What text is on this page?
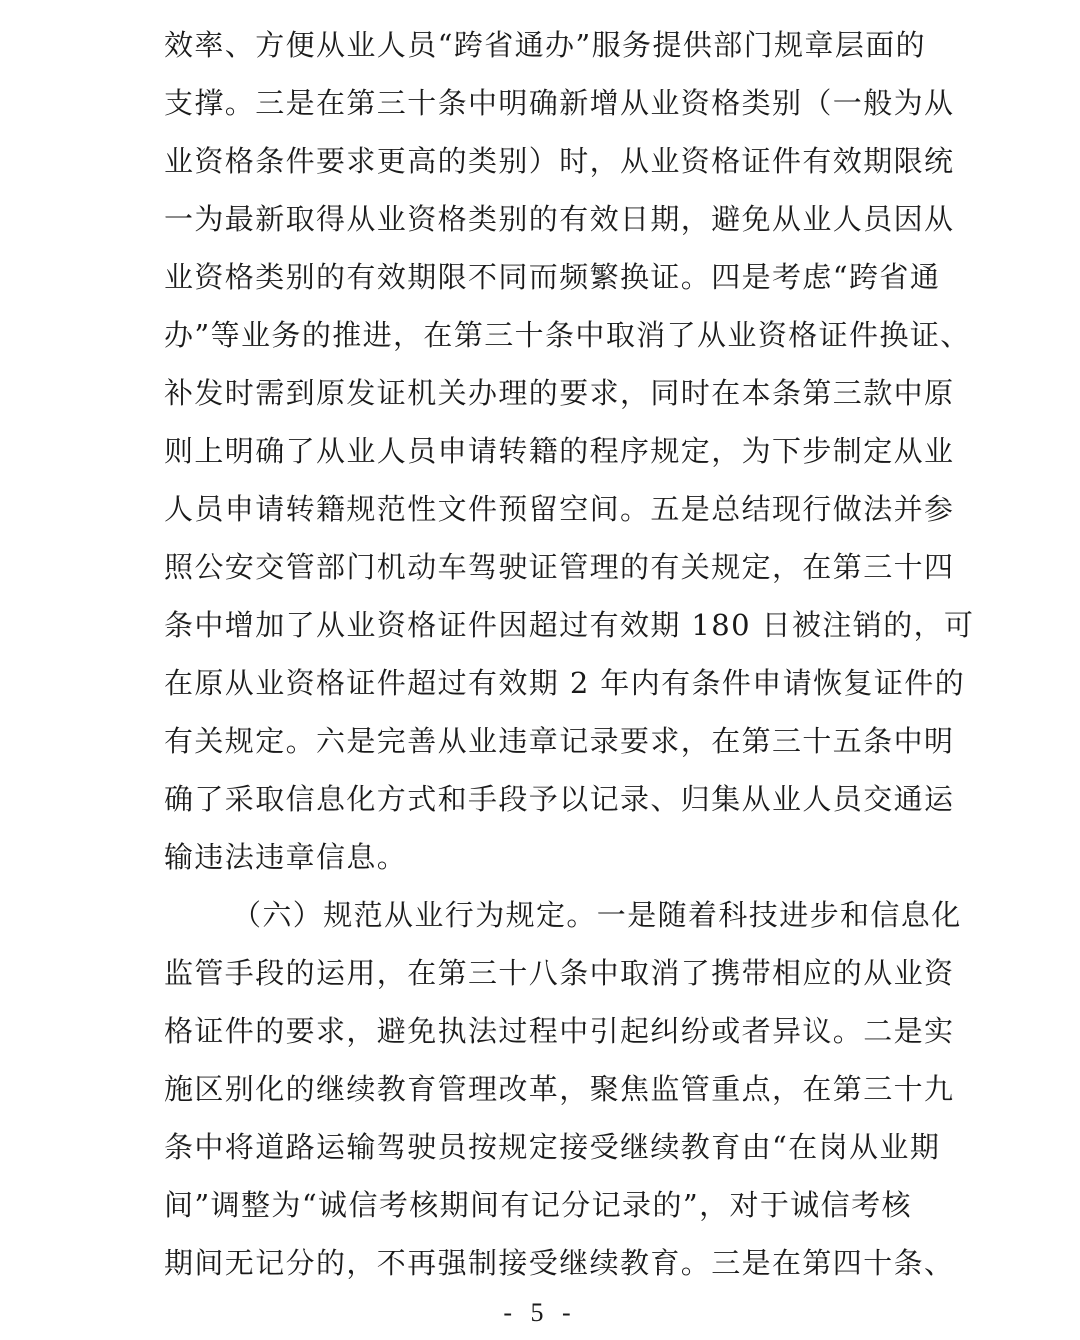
效率、方便从业人员“跨省通办”服务提供部门规章层面的
支撑。三是在第三十条中明确新增从业资格类别（一般为从
业资格条件要求更高的类别）时，从业资格证件有效期限统
一为最新取得从业资格类别的有效日期，避免从业人员因从
业资格类别的有效期限不同而频繁换证。四是考虑“跨省通
办”等业务的推进，在第三十条中取消了从业资格证件换证、
补发时需到原发证机关办理的要求，同时在本条第三款中原
则上明确了从业人员申请转籍的程序规定，为下步制定从业
人员申请转籍规范性文件预留空间。五是总结现行做法并参
照公安交管部门机动车驾驶证管理的有关规定，在第三十四
条中增加了从业资格证件因超过有效期 180 日被注销的，可
在原从业资格证件超过有效期 2 年内有条件申请恢复证件的
有关规定。六是完善从业违章记录要求，在第三十五条中明
确了采取信息化方式和手段予以记录、归集从业人员交通运
输违法违章信息。
（六）规范从业行为规定。一是随着科技进步和信息化
监管手段的运用，在第三十八条中取消了携带相应的从业资
格证件的要求，避免执法过程中引起纠纷或者异议。二是实
施区别化的继续教育管理改革，聚焦监管重点，在第三十九
条中将道路运输驾驶员按规定接受继续教育由“在岗从业期
间”调整为“诚信考核期间有记分记录的”，对于诚信考核
期间无记分的，不再强制接受继续教育。三是在第四十条、
- 5 -
